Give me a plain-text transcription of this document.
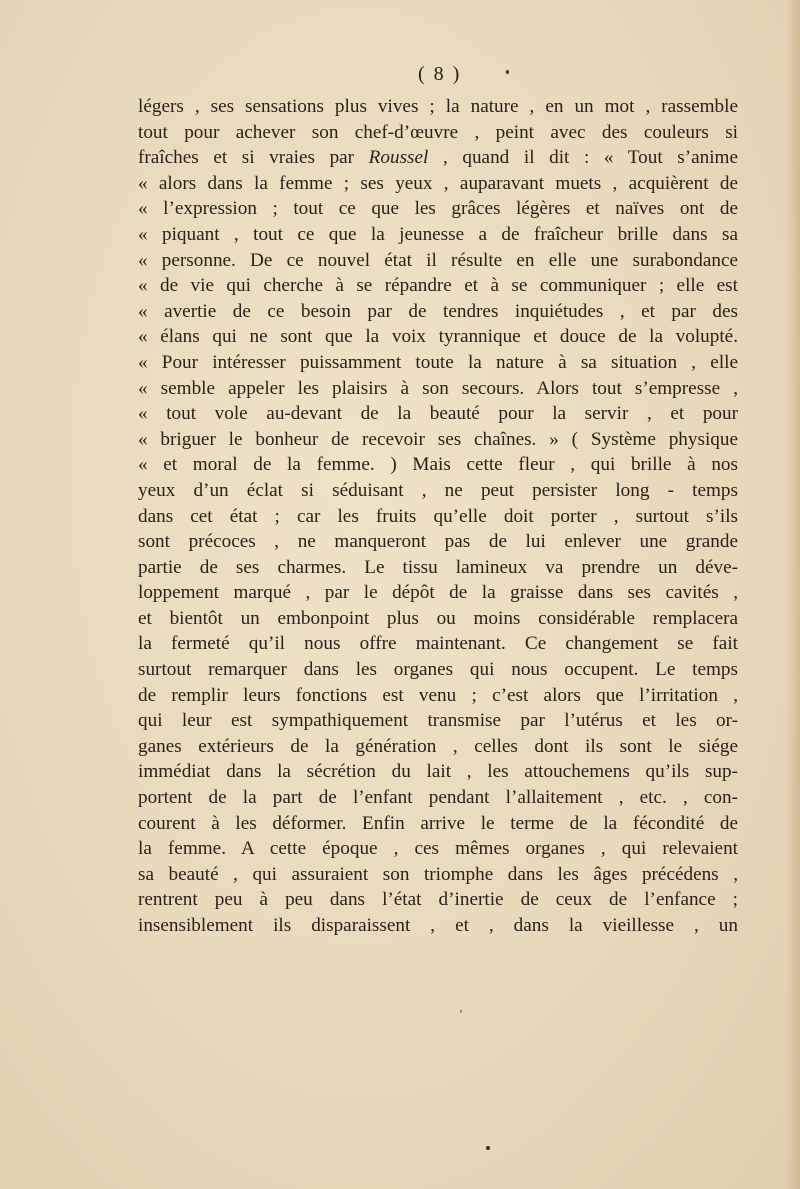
( 8 )
légers , ses sensations plus vives ; la nature , en un mot , rassemble
tout pour achever son chef-d’œuvre , peint avec des couleurs si
fraîches et si vraies par Roussel , quand il dit : « Tout s’anime
« alors dans la femme ; ses yeux , auparavant muets , acquièrent de
« l’expression ; tout ce que les grâces légères et naïves ont de
« piquant , tout ce que la jeunesse a de fraîcheur brille dans sa
« personne. De ce nouvel état il résulte en elle une surabondance
« de vie qui cherche à se répandre et à se communiquer ; elle est
« avertie de ce besoin par de tendres inquiétudes , et par des
« élans qui ne sont que la voix tyrannique et douce de la volupté.
« Pour intéresser puissamment toute la nature à sa situation , elle
« semble appeler les plaisirs à son secours. Alors tout s’empresse ,
« tout vole au-devant de la beauté pour la servir , et pour
« briguer le bonheur de recevoir ses chaînes. » ( Système physique
« et moral de la femme. ) Mais cette fleur , qui brille à nos
yeux d’un éclat si séduisant , ne peut persister long - temps
dans cet état ; car les fruits qu’elle doit porter , surtout s’ils
sont précoces , ne manqueront pas de lui enlever une grande
partie de ses charmes. Le tissu lamineux va prendre un déve-
loppement marqué , par le dépôt de la graisse dans ses cavités ,
et bientôt un embonpoint plus ou moins considérable remplacera
la fermeté qu’il nous offre maintenant. Ce changement se fait
surtout remarquer dans les organes qui nous occupent. Le temps
de remplir leurs fonctions est venu ; c’est alors que l’irritation ,
qui leur est sympathiquement transmise par l’utérus et les or-
ganes extérieurs de la génération , celles dont ils sont le siége
immédiat dans la sécrétion du lait , les attouchemens qu’ils sup-
portent de la part de l’enfant pendant l’allaitement , etc. , con-
courent à les déformer. Enfin arrive le terme de la fécondité de
la femme. A cette époque , ces mêmes organes , qui relevaient
sa beauté , qui assuraient son triomphe dans les âges précédens ,
rentrent peu à peu dans l’état d’inertie de ceux de l’enfance ;
insensiblement ils disparaissent , et , dans la vieillesse , un
